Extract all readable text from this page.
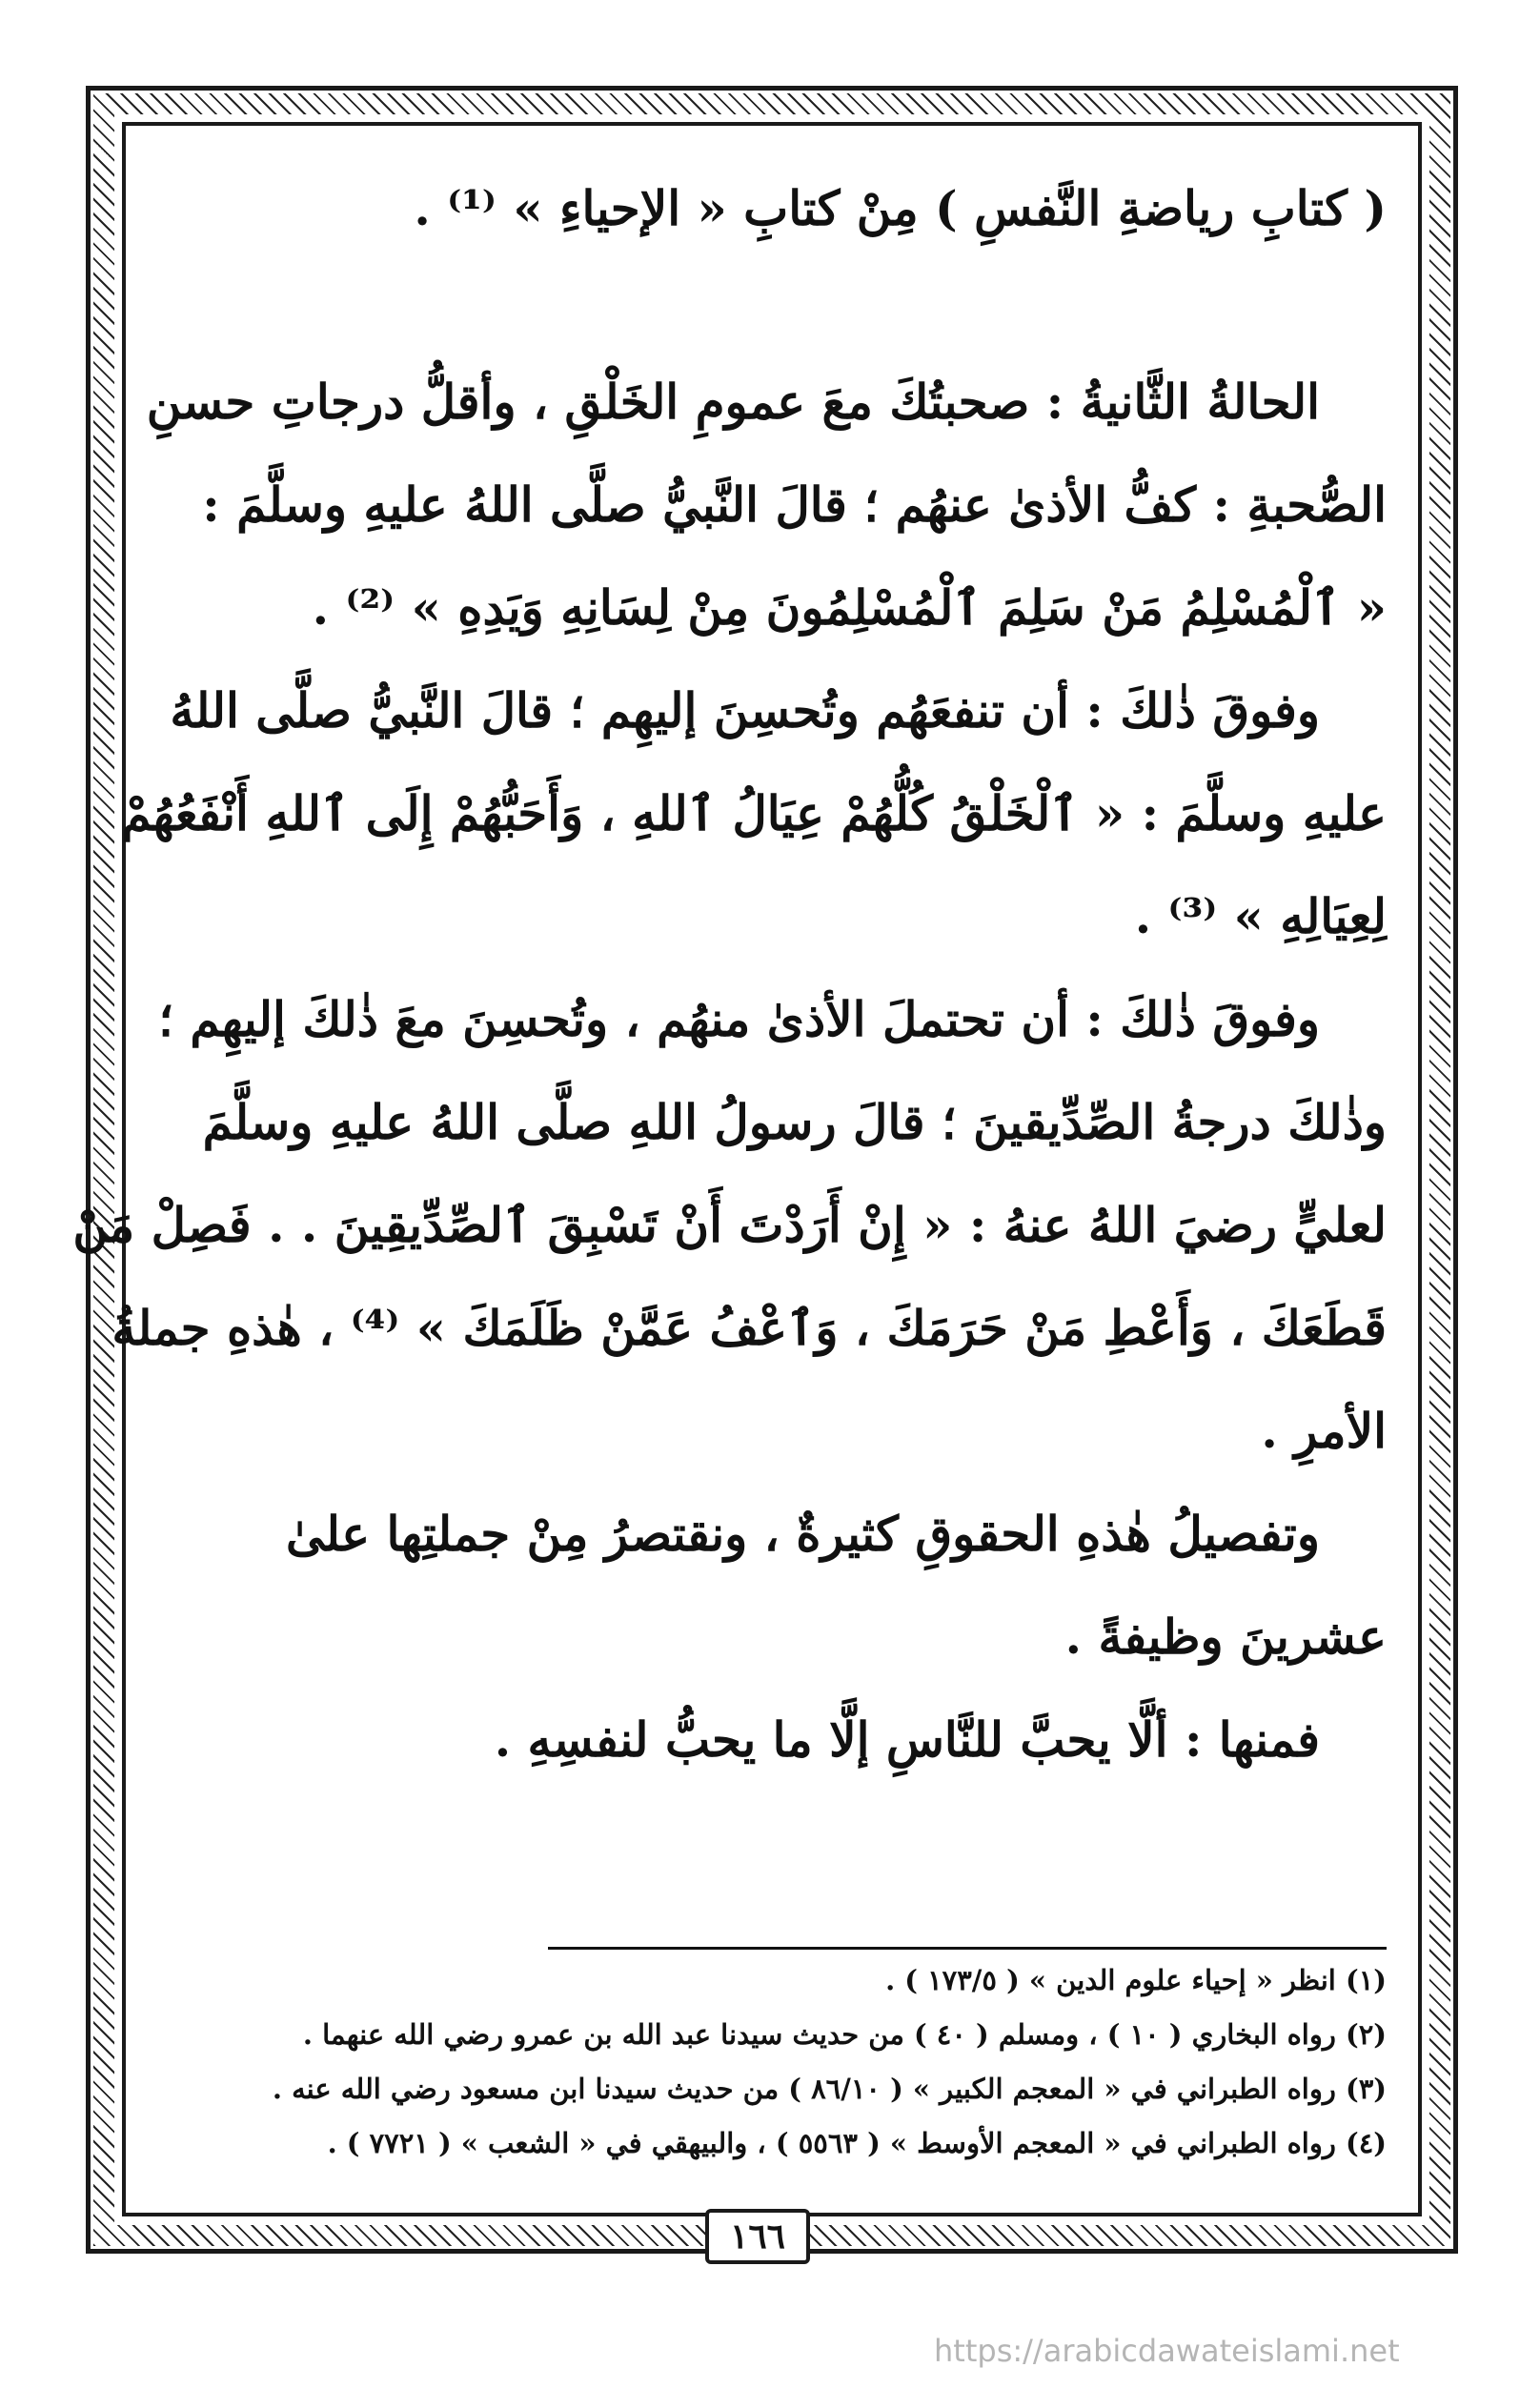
( كتابِ رياضةِ النَّفسِ ) مِنْ كتابِ « الإحياءِ » ⁽¹⁾ .

الحالةُ الثَّانيةُ : صحبتُكَ معَ عمومِ الخَلْقِ ، وأقلُّ درجاتِ حسنِ

الصُّحبةِ : كفُّ الأذىٰ عنهُم ؛ قالَ النَّبيُّ صلَّى اللهُ عليهِ وسلَّمَ :

« ٱلْمُسْلِمُ مَنْ سَلِمَ ٱلْمُسْلِمُونَ مِنْ لِسَانِهِ وَيَدِهِ » ⁽²⁾ .

وفوقَ ذٰلكَ : أن تنفعَهُم وتُحسِنَ إليهِم ؛ قالَ النَّبيُّ صلَّى اللهُ

عليهِ وسلَّمَ : « ٱلْخَلْقُ كُلُّهُمْ عِيَالُ ٱللهِ ، وَأَحَبُّهُمْ إِلَى ٱللهِ أَنْفَعُهُمْ

لِعِيَالِهِ » ⁽³⁾ .

وفوقَ ذٰلكَ : أن تحتملَ الأذىٰ منهُم ، وتُحسِنَ معَ ذٰلكَ إليهِم ؛

وذٰلكَ درجةُ الصِّدِّيقينَ ؛ قالَ رسولُ اللهِ صلَّى اللهُ عليهِ وسلَّمَ

لعليٍّ رضيَ اللهُ عنهُ : « إِنْ أَرَدْتَ أَنْ تَسْبِقَ ٱلصِّدِّيقِينَ . . فَصِلْ مَنْ

قَطَعَكَ ، وَأَعْطِ مَنْ حَرَمَكَ ، وَٱعْفُ عَمَّنْ ظَلَمَكَ » ⁽⁴⁾ ، هٰذهِ جملةُ

الأمرِ .

وتفصيلُ هٰذهِ الحقوقِ كثيرةٌ ، ونقتصرُ مِنْ جملتِها علىٰ

عشرينَ وظيفةً .

فمنها : ألَّا يحبَّ للنَّاسِ إلَّا ما يحبُّ لنفسِهِ .

(١) انظر « إحياء علوم الدين » ( ١٧٣/٥ ) .

(٢) رواه البخاري ( ١٠ ) ، ومسلم ( ٤٠ ) من حديث سيدنا عبد الله بن عمرو رضي الله عنهما .

(٣) رواه الطبراني في « المعجم الكبير » ( ٨٦/١٠ ) من حديث سيدنا ابن مسعود رضي الله عنه .

(٤) رواه الطبراني في « المعجم الأوسط » ( ٥٥٦٣ ) ، والبيهقي في « الشعب » ( ٧٧٢١ ) .

١٦٦
https://arabicdawateislami.net
